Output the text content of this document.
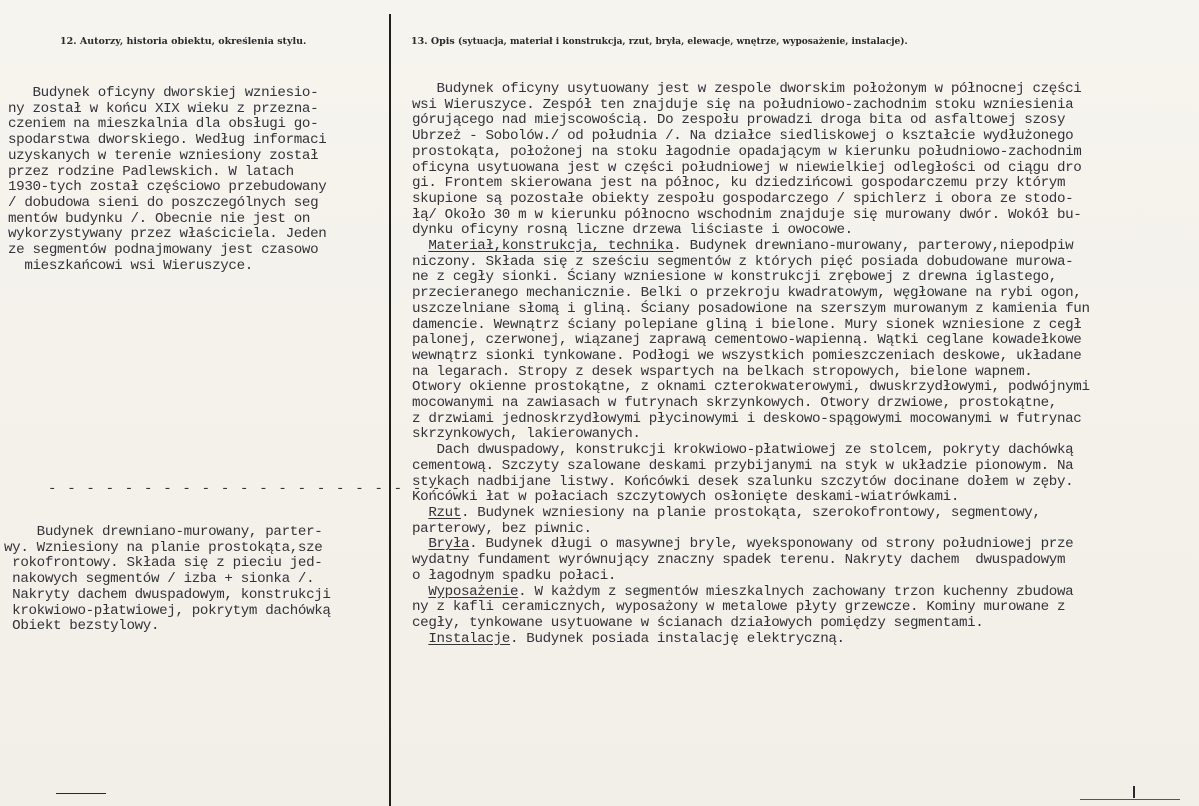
12. Autorzy, historia obiektu, określenia stylu.	13. Opis (sytuacja, materiał i konstrukcja, rzut, bryła, elewacje, wnętrze, wyposażenie, instalacje).
Budynek oficyny dworskiej wzniesio-
ny został w końcu XIX wieku z przezna-
czeniem na mieszkalnia dla obsługi go-
spodarstwa dworskiego. Według informaci
uzyskanych w terenie wzniesiony został
przez rodzine Padlewskich. W latach
1930-tych został częściowo przebudowany
/ dobudowa sieni do poszczególnych seg
mentów budynku /. Obecnie nie jest on
wykorzystywany przez właściciela. Jeden
ze segmentów podnajmowany jest czasowo
mieszkańcowi wsi Wieruszyce.
- - - - - - - - - - - - - - - - - - - - - -
Budynek drewniano-murowany, parter-
wy. Wzniesiony na planie prostokąta,sze
rokofrontowy. Składa się z pieciu jed-
nakowych segmentów / izba + sionka /.
Nakryty dachem dwuspadowym, konstrukcji
krokwiowo-płatwiowej, pokrytym dachówką
Obiekt bezstylowy.
Budynek oficyny usytuowany jest w zespole dworskim położonym w północnej części
wsi Wieruszyce. Zespół ten znajduje się na południowo-zachodnim stoku wzniesienia
górującego nad miejscowością. Do zespołu prowadzi droga bita od asfaltowej szosy
Ubrzeż - Sobolów./ od południa /. Na działce siedliskowej o kształcie wydłużonego
prostokąta, położonej na stoku łagodnie opadającym w kierunku południowo-zachodnim
oficyna usytuowana jest w części południowej w niewielkiej odległości od ciągu dro
gi. Frontem skierowana jest na północ, ku dziedzińcowi gospodarczemu przy którym
skupione są pozostałe obiekty zespołu gospodarczego / spichlerz i obora ze stodo-
łą/ Około 30 m w kierunku północno wschodnim znajduje się murowany dwór. Wokół bu-
dynku oficyny rosną liczne drzewa liściaste i owocowe.
Materiał,konstrukcja, technika. Budynek drewniano-murowany, parterowy,niepodpiw
niczony. Składa się z sześciu segmentów z których pięć posiada dobudowane murowa-
ne z cegły sionki. Ściany wzniesione w konstrukcji zrębowej z drewna iglastego,
przecieranego mechanicznie. Belki o przekroju kwadratowym, węgłowane na rybi ogon,
uszczelniane słomą i gliną. Ściany posadowione na szerszym murowanym z kamienia fun
damencie. Wewnątrz ściany polepiane gliną i bielone. Mury sionek wzniesione z cegł
palonej, czerwonej, wiązanej zaprawą cementowo-wapienną. Wątki ceglane kowadełkowe
wewnątrz sionki tynkowane. Podłogi we wszystkich pomieszczeniach deskowe, układane
na legarach. Stropy z desek wspartych na belkach stropowych, bielone wapnem.
Otwory okienne prostokątne, z oknami czterokwaterowymi, dwuskrzydłowymi, podwójnymi
mocowanymi na zawiasach w futrynach skrzynkowych. Otwory drzwiowe, prostokątne,
z drzwiami jednoskrzydłowymi płycinowymi i deskowo-spągowymi mocowanymi w futrynac
skrzynkowych, lakierowanych.
Dach dwuspadowy, konstrukcji krokwiowo-płatwiowej ze stolcem, pokryty dachówką
cementową. Szczyty szalowane deskami przybijanymi na styk w układzie pionowym. Na
stykach nadbijane listwy. Końcówki desek szalunku szczytów docinane dołem w zęby.
Końcówki łat w połaciach szczytowych osłonięte deskami-wiatrówkami.
Rzut. Budynek wzniesiony na planie prostokąta, szerokofrontowy, segmentowy,
parterowy, bez piwnic.
Bryła. Budynek długi o masywnej bryle, wyeksponowany od strony południowej prze
wydatny fundament wyrównujący znaczny spadek terenu. Nakryty dachem  dwuspadowym
o łagodnym spadku połaci.
Wyposażenie. W każdym z segmentów mieszkalnych zachowany trzon kuchenny zbudowa
ny z kafli ceramicznych, wyposażony w metalowe płyty grzewcze. Kominy murowane z
cegły, tynkowane usytuowane w ścianach działowych pomiędzy segmentami.
Instalacje. Budynek posiada instalację elektryczną.
